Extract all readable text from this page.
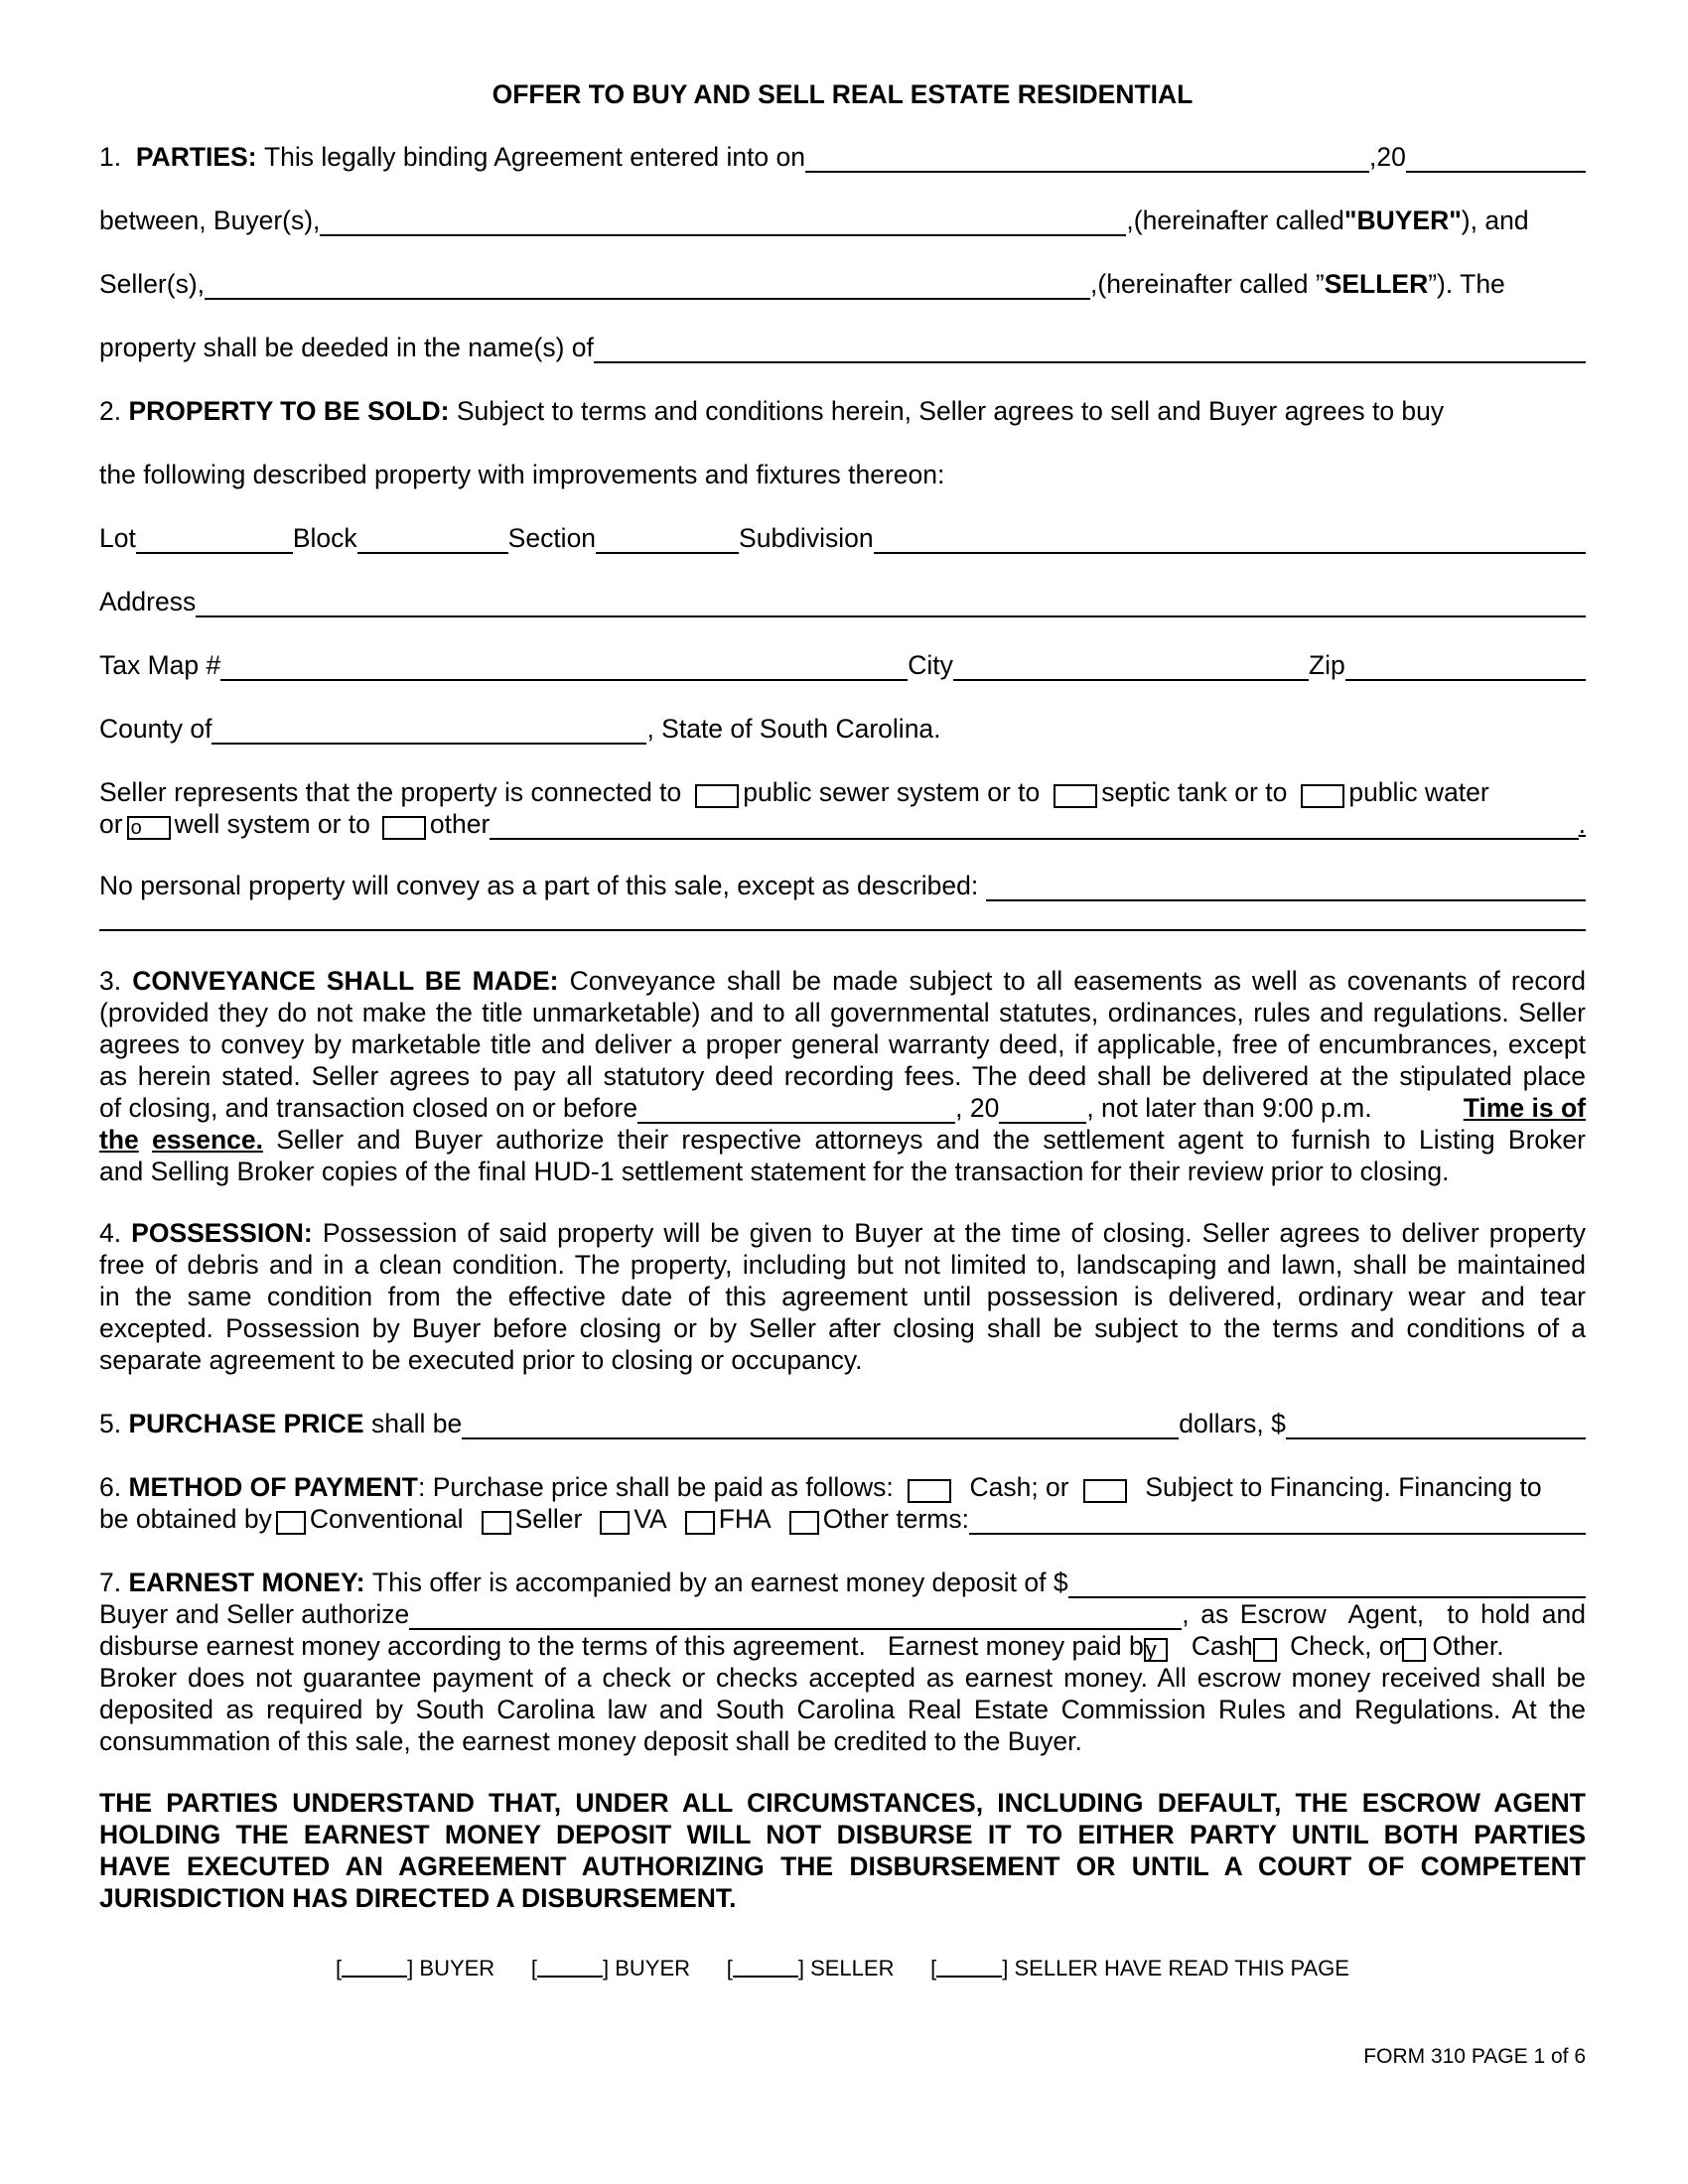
OFFER TO BUY AND SELL REAL ESTATE RESIDENTIAL
1.
PARTIES:
This legally binding Agreement entered into on	,20
between, Buyer(s),	,(hereinafter called "BUYER" ), and
Seller(s),	,(hereinafter called ” SELLER ”). The
property shall be deeded in the name(s) of
2.
PROPERTY TO BE SOLD:
Subject to terms and conditions herein, Seller agrees to sell and Buyer agrees to buy
the following described property with improvements and fixtures thereon:
Lot	Block	Section	Subdivision
Address
Tax Map #	City	Zip
County of	, State of South Carolina.
Seller represents that the property is connected to public sewer system or to septic tank or to public water
or o	well system or to other	.
No personal property will convey as a part of this sale, except as described:
3. CONVEYANCE SHALL BE MADE: Conveyance shall be made subject to all easements as well as covenants of record
(provided they do not make the title unmarketable) and to all governmental statutes, ordinances, rules and regulations. Seller
agrees to convey by marketable title and deliver a proper general warranty deed, if applicable, free of encumbrances, except
as herein stated. Seller agrees to pay all statutory deed recording fees. The deed shall be delivered at the stipulated place
of closing, and transaction closed on or before	, 20	, not later than 9:00 p.m.	Time is of
the essence. Seller and Buyer authorize their respective attorneys and the settlement agent to furnish to Listing Broker
and Selling Broker copies of the final HUD-1 settlement statement for the transaction for their review prior to closing.
4. POSSESSION: Possession of said property will be given to Buyer at the time of closing. Seller agrees to deliver property
free of debris and in a clean condition. The property, including but not limited to, landscaping and lawn, shall be maintained
in the same condition from the effective date of this agreement until possession is delivered, ordinary wear and tear
excepted. Possession by Buyer before closing or by Seller after closing shall be subject to the terms and conditions of a
separate agreement to be executed prior to closing or occupancy.
5.
PURCHASE PRICE
shall be	dollars, $
6.
METHOD OF PAYMENT : Purchase price shall be paid as follows:
	Cash; or
	Subject to Financing. Financing to
be obtained by Conventional Seller VA FHA Other terms:
7.
EARNEST MONEY:
This offer is accompanied by an earnest money deposit of $
Buyer and Seller authorize	, as Escrow  Agent,  to hold and
disburse earnest money according to the terms of this agreement.   Earnest money paid b y
	Cash
Check, or Other.
Broker does not guarantee payment of a check or checks accepted as earnest money. All escrow money received shall be
deposited as required by South Carolina law and South Carolina Real Estate Commission Rules and Regulations. At the
consummation of this sale, the earnest money deposit shall be credited to the Buyer.
THE PARTIES UNDERSTAND THAT, UNDER ALL CIRCUMSTANCES, INCLUDING DEFAULT, THE ESCROW AGENT
HOLDING THE EARNEST MONEY DEPOSIT WILL NOT DISBURSE IT TO EITHER PARTY UNTIL BOTH PARTIES
HAVE EXECUTED AN AGREEMENT AUTHORIZING THE DISBURSEMENT OR UNTIL A COURT OF COMPETENT
JURISDICTION HAS DIRECTED A DISBURSEMENT.
[	] BUYER [	] BUYER [	] SELLER [	] SELLER HAVE READ THIS PAGE
FORM 310 PAGE 1 of 6
